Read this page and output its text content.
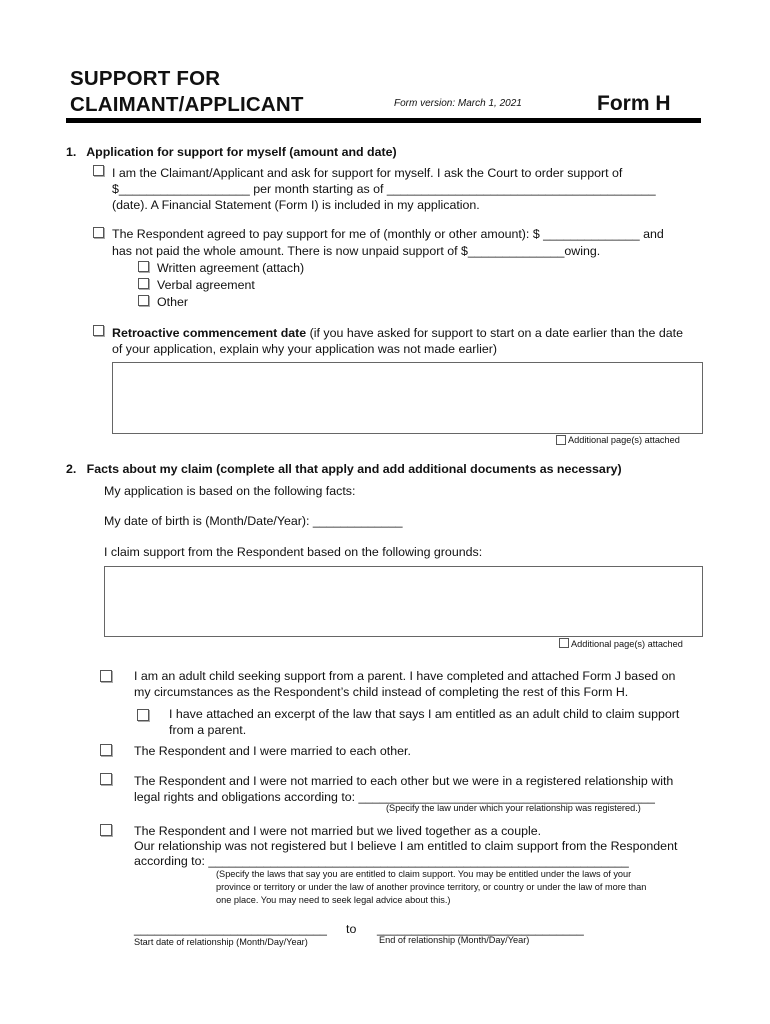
SUPPORT FOR
CLAIMANT/APPLICANT	Form version: March 1, 2021	Form H
1.   Application for support for myself (amount and date)
I am the Claimant/Applicant and ask for support for myself. I ask the Court to order support of
$___________________ per month starting as of _______________________________________
(date). A Financial Statement (Form I) is included in my application.
The Respondent agreed to pay support for me of (monthly or other amount): $ ______________ and
has not paid the whole amount. There is now unpaid support of $______________owing.
Written agreement (attach)
Verbal agreement
Other
Retroactive commencement date (if you have asked for support to start on a date earlier than the date
of your application, explain why your application was not made earlier)
Additional page(s) attached
2.   Facts about my claim (complete all that apply and add additional documents as necessary)
My application is based on the following facts:
My date of birth is (Month/Date/Year): _____________
I claim support from the Respondent based on the following grounds:
Additional page(s) attached
I am an adult child seeking support from a parent. I have completed and attached Form J based on
my circumstances as the Respondent’s child instead of completing the rest of this Form H.
I have attached an excerpt of the law that says I am entitled as an adult child to claim support
from a parent.
The Respondent and I were married to each other.
The Respondent and I were not married to each other but we were in a registered relationship with
legal rights and obligations according to: ___________________________________________
(Specify the law under which your relationship was registered.)
The Respondent and I were not married but we lived together as a couple.
Our relationship was not registered but I believe I am entitled to claim support from the Respondent
according to: _____________________________________________________________
(Specify the laws that say you are entitled to claim support. You may be entitled under the laws of your
province or territory or under the law of another province territory, or country or under the law of more than
one place. You may need to seek legal advice about this.)
____________________________ to ______________________________
Start date of relationship (Month/Day/Year)	End of relationship (Month/Day/Year)
